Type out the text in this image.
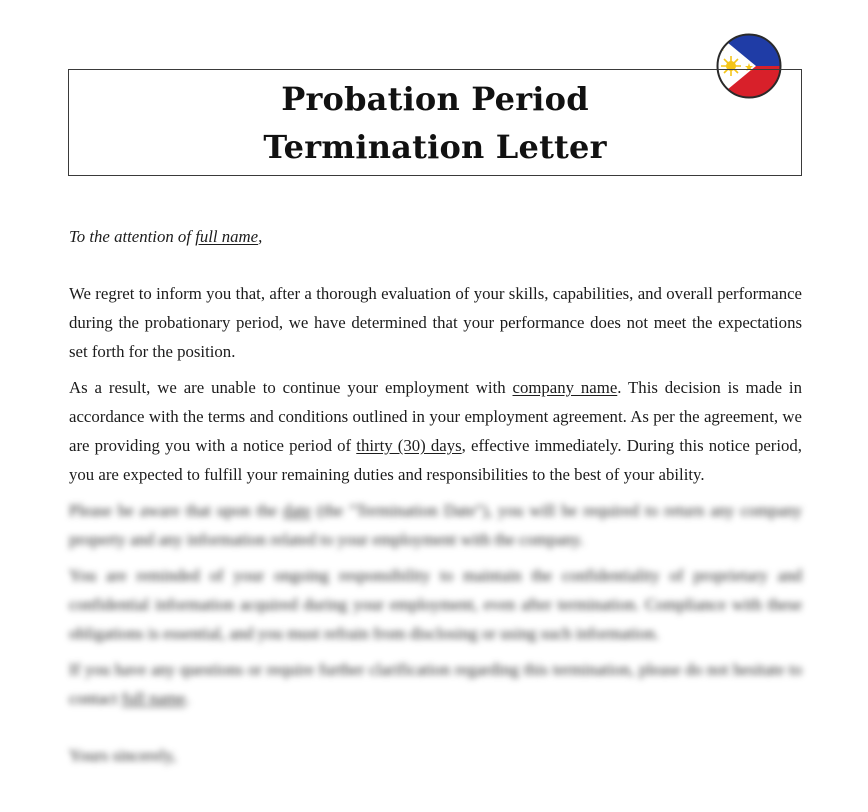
Probation Period
Termination Letter

To the attention of full name,

We regret to inform you that, after a thorough evaluation of your skills, capabilities, and overall performance during the probationary period, we have determined that your performance does not meet the expectations set forth for the position.

As a result, we are unable to continue your employment with company name. This decision is made in accordance with the terms and conditions outlined in your employment agreement. As per the agreement, we are providing you with a notice period of thirty (30) days, effective immediately. During this notice period, you are expected to fulfill your remaining duties and responsibilities to the best of your ability.

Please be aware that upon the date (the "Termination Date"), you will be required to return any company property and any information related to your employment with the company.

You are reminded of your ongoing responsibility to maintain the confidentiality of proprietary and confidential information acquired during your employment, even after termination. Compliance with these obligations is essential, and you must refrain from disclosing or using such information.

If you have any questions or require further clarification regarding this termination, please do not hesitate to contact full name.

Yours sincerely,
